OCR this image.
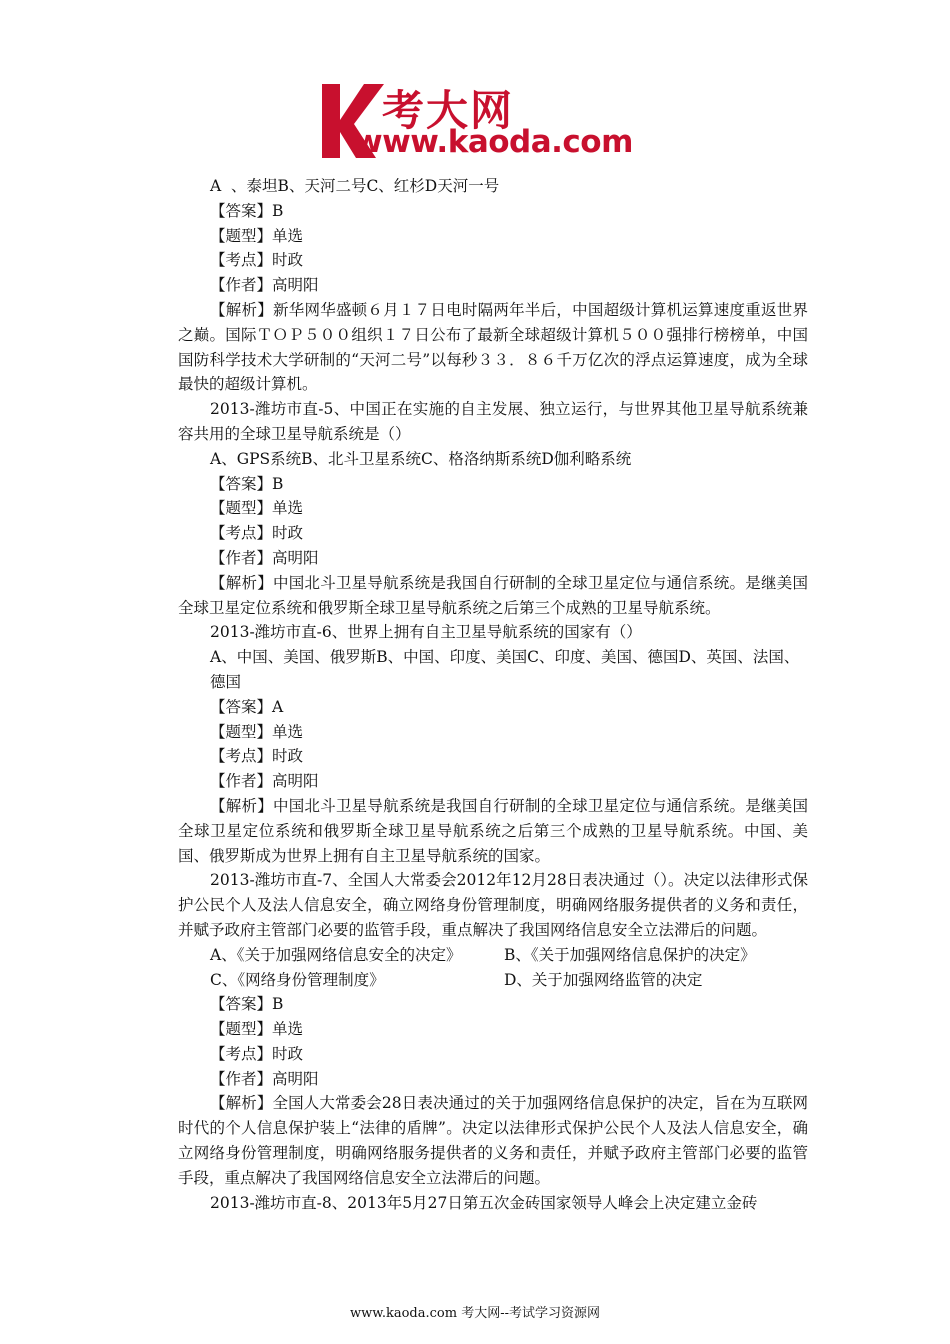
考大网
www.kaoda.com

A  、泰坦B、天河二号C、红杉D天河一号

【答案】B

【题型】单选

【考点】时政

【作者】高明阳

【解析】新华网华盛顿６月１７日电时隔两年半后，中国超级计算机运算速度重返世界之巅。国际ＴＯＰ５００组织１７日公布了最新全球超级计算机５００强排行榜榜单，中国国防科学技术大学研制的“天河二号”以每秒３３．８６千万亿次的浮点运算速度，成为全球最快的超级计算机。

2013-潍坊市直-5、中国正在实施的自主发展、独立运行，与世界其他卫星导航系统兼容共用的全球卫星导航系统是（）

A、GPS系统B、北斗卫星系统C、格洛纳斯系统D伽利略系统

【答案】B

【题型】单选

【考点】时政

【作者】高明阳

【解析】中国北斗卫星导航系统是我国自行研制的全球卫星定位与通信系统。是继美国全球卫星定位系统和俄罗斯全球卫星导航系统之后第三个成熟的卫星导航系统。

2013-潍坊市直-6、世界上拥有自主卫星导航系统的国家有（）

A、中国、美国、俄罗斯B、中国、印度、美国C、印度、美国、德国D、英国、法国、德国

【答案】A

【题型】单选

【考点】时政

【作者】高明阳

【解析】中国北斗卫星导航系统是我国自行研制的全球卫星定位与通信系统。是继美国全球卫星定位系统和俄罗斯全球卫星导航系统之后第三个成熟的卫星导航系统。中国、美国、俄罗斯成为世界上拥有自主卫星导航系统的国家。

2013-潍坊市直-7、全国人大常委会2012年12月28日表决通过（）。决定以法律形式保护公民个人及法人信息安全，确立网络身份管理制度，明确网络服务提供者的义务和责任，并赋予政府主管部门必要的监管手段，重点解决了我国网络信息安全立法滞后的问题。

A、《关于加强网络信息安全的决定》	B、《关于加强网络信息保护的决定》
C、《网络身份管理制度》	D、关于加强网络监管的决定

【答案】B

【题型】单选

【考点】时政

【作者】高明阳

【解析】全国人大常委会28日表决通过的关于加强网络信息保护的决定，旨在为互联网时代的个人信息保护装上“法律的盾牌”。决定以法律形式保护公民个人及法人信息安全，确立网络身份管理制度，明确网络服务提供者的义务和责任，并赋予政府主管部门必要的监管手段，重点解决了我国网络信息安全立法滞后的问题。

2013-潍坊市直-8、2013年5月27日第五次金砖国家领导人峰会上决定建立金砖

www.kaoda.com 考大网--考试学习资源网
